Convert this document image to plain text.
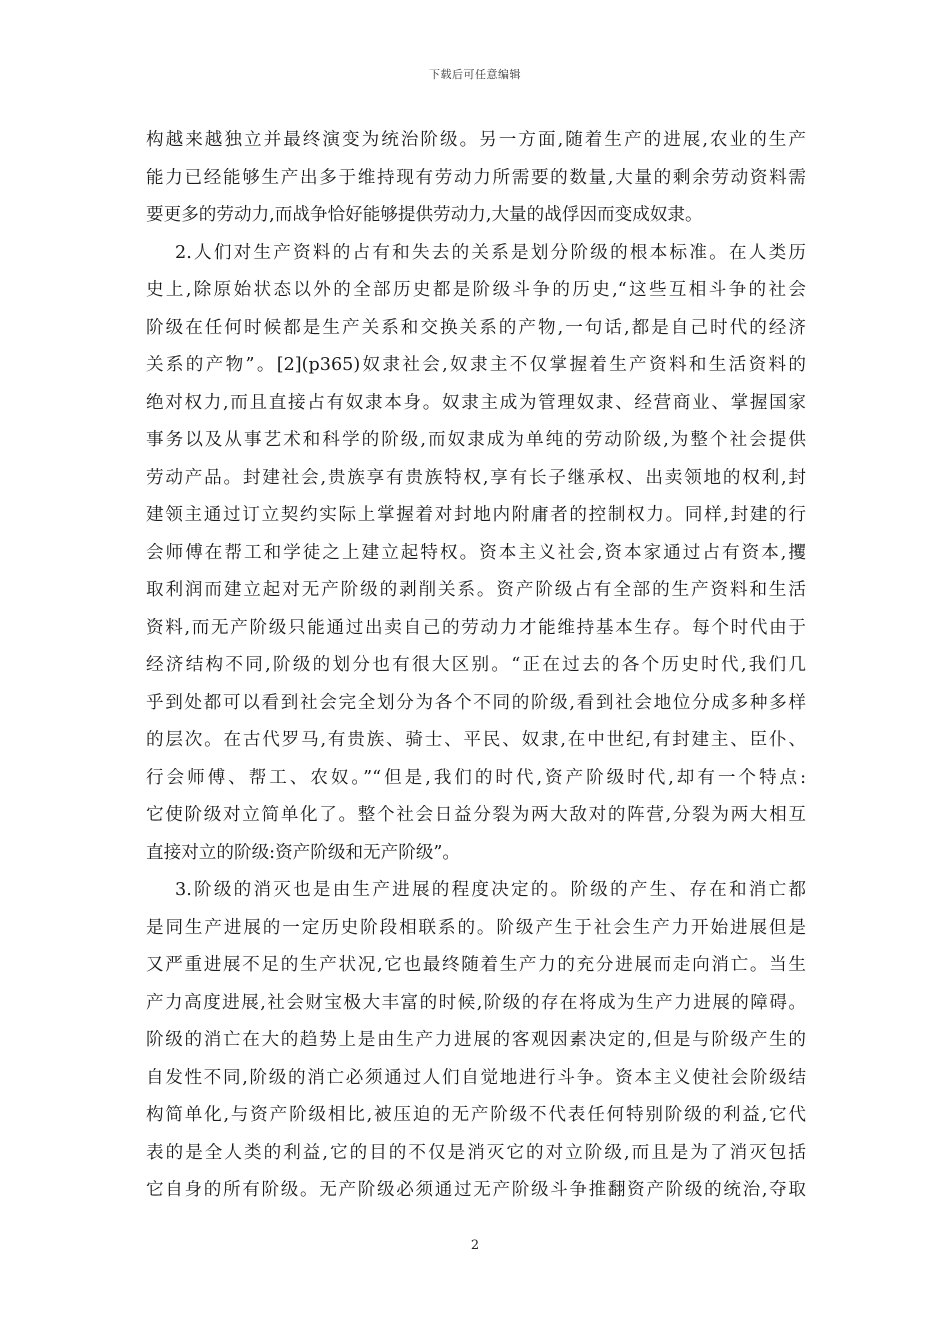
下载后可任意编辑
构越来越独立并最终演变为统治阶级。另一方面,随着生产的进展,农业的生产
能力已经能够生产出多于维持现有劳动力所需要的数量,大量的剩余劳动资料需
要更多的劳动力,而战争恰好能够提供劳动力,大量的战俘因而变成奴隶。
2.人们对生产资料的占有和失去的关系是划分阶级的根本标准。在人类历
史上,除原始状态以外的全部历史都是阶级斗争的历史,“这些互相斗争的社会
阶级在任何时候都是生产关系和交换关系的产物,一句话,都是自己时代的经济
关系的产物”。[2](p365)奴隶社会,奴隶主不仅掌握着生产资料和生活资料的
绝对权力,而且直接占有奴隶本身。奴隶主成为管理奴隶、经营商业、掌握国家
事务以及从事艺术和科学的阶级,而奴隶成为单纯的劳动阶级,为整个社会提供
劳动产品。封建社会,贵族享有贵族特权,享有长子继承权、出卖领地的权利,封
建领主通过订立契约实际上掌握着对封地内附庸者的控制权力。同样,封建的行
会师傅在帮工和学徒之上建立起特权。资本主义社会,资本家通过占有资本,攫
取利润而建立起对无产阶级的剥削关系。资产阶级占有全部的生产资料和生活
资料,而无产阶级只能通过出卖自己的劳动力才能维持基本生存。每个时代由于
经济结构不同,阶级的划分也有很大区别。“正在过去的各个历史时代,我们几
乎到处都可以看到社会完全划分为各个不同的阶级,看到社会地位分成多种多样
的层次。在古代罗马,有贵族、骑士、平民、奴隶,在中世纪,有封建主、臣仆、
行会师傅、帮工、农奴。”“但是,我们的时代,资产阶级时代,却有一个特点:
它使阶级对立简单化了。整个社会日益分裂为两大敌对的阵营,分裂为两大相互
直接对立的阶级:资产阶级和无产阶级”。
3.阶级的消灭也是由生产进展的程度决定的。阶级的产生、存在和消亡都
是同生产进展的一定历史阶段相联系的。阶级产生于社会生产力开始进展但是
又严重进展不足的生产状况,它也最终随着生产力的充分进展而走向消亡。当生
产力高度进展,社会财宝极大丰富的时候,阶级的存在将成为生产力进展的障碍。
阶级的消亡在大的趋势上是由生产力进展的客观因素决定的,但是与阶级产生的
自发性不同,阶级的消亡必须通过人们自觉地进行斗争。资本主义使社会阶级结
构简单化,与资产阶级相比,被压迫的无产阶级不代表任何特别阶级的利益,它代
表的是全人类的利益,它的目的不仅是消灭它的对立阶级,而且是为了消灭包括
它自身的所有阶级。无产阶级必须通过无产阶级斗争推翻资产阶级的统治,夺取
2
